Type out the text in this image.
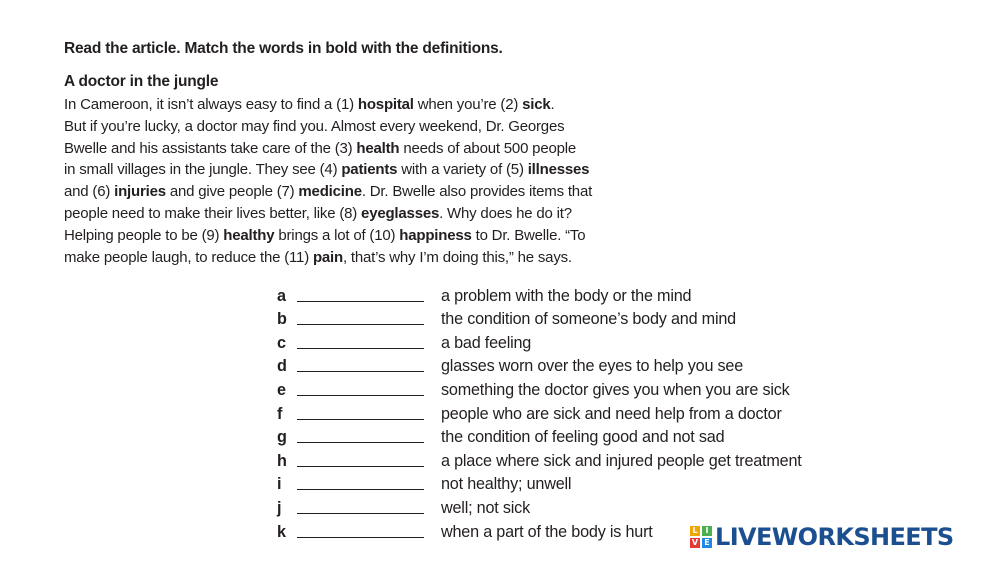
Read the article. Match the words in bold with the definitions.
A doctor in the jungle
In Cameroon, it isn’t always easy to find a (1) hospital when you’re (2) sick.
But if you’re lucky, a doctor may find you. Almost every weekend, Dr. Georges
Bwelle and his assistants take care of the (3) health needs of about 500 people
in small villages in the jungle. They see (4) patients with a variety of (5) illnesses
and (6) injuries and give people (7) medicine. Dr. Bwelle also provides items that
people need to make their lives better, like (8) eyeglasses. Why does he do it?
Helping people to be (9) healthy brings a lot of (10) happiness to Dr. Bwelle. “To
make people laugh, to reduce the (11) pain, that’s why I’m doing this,” he says.
a	a problem with the body or the mind
b	the condition of someone’s body and mind
c	a bad feeling
d	glasses worn over the eyes to help you see
e	something the doctor gives you when you are sick
f	people who are sick and need help from a doctor
g	the condition of feeling good and not sad
h	a place where sick and injured people get treatment
i	not healthy; unwell
j	well; not sick
k	when a part of the body is hurt	L I
V E LIVEWORKSHEETS
